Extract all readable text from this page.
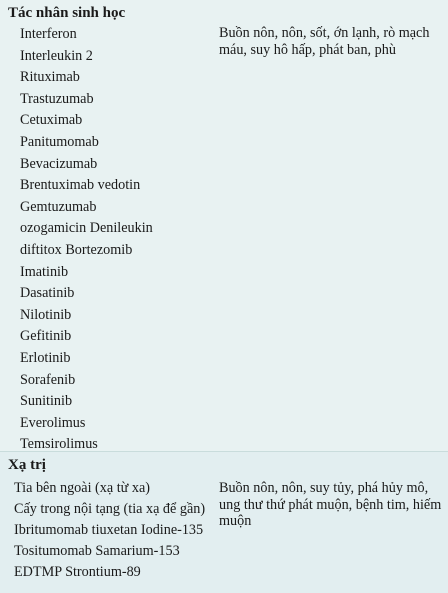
Tác nhân sinh học
Interferon
Interleukin 2
Rituximab
Trastuzumab
Cetuximab
Panitumomab
Bevacizumab
Brentuximab vedotin
Gemtuzumab
ozogamicin Denileukin
diftitox Bortezomib
Imatinib
Dasatinib
Nilotinib
Gefitinib
Erlotinib
Sorafenib
Sunitinib
Everolimus
Temsirolimus
Buồn nôn, nôn, sốt, ớn lạnh, rò mạch máu, suy hô hấp, phát ban, phù
Xạ trị
Tia bên ngoài (xạ từ xa)
Cấy trong nội tạng (tia xạ để gần)
Ibritumomab tiuxetan Iodine-135
Tositumomab Samarium-153
EDTMP Strontium-89
Buồn nôn, nôn, suy tủy, phá hủy mô, ung thư thứ phát muộn, bệnh tim, hiếm muộn
